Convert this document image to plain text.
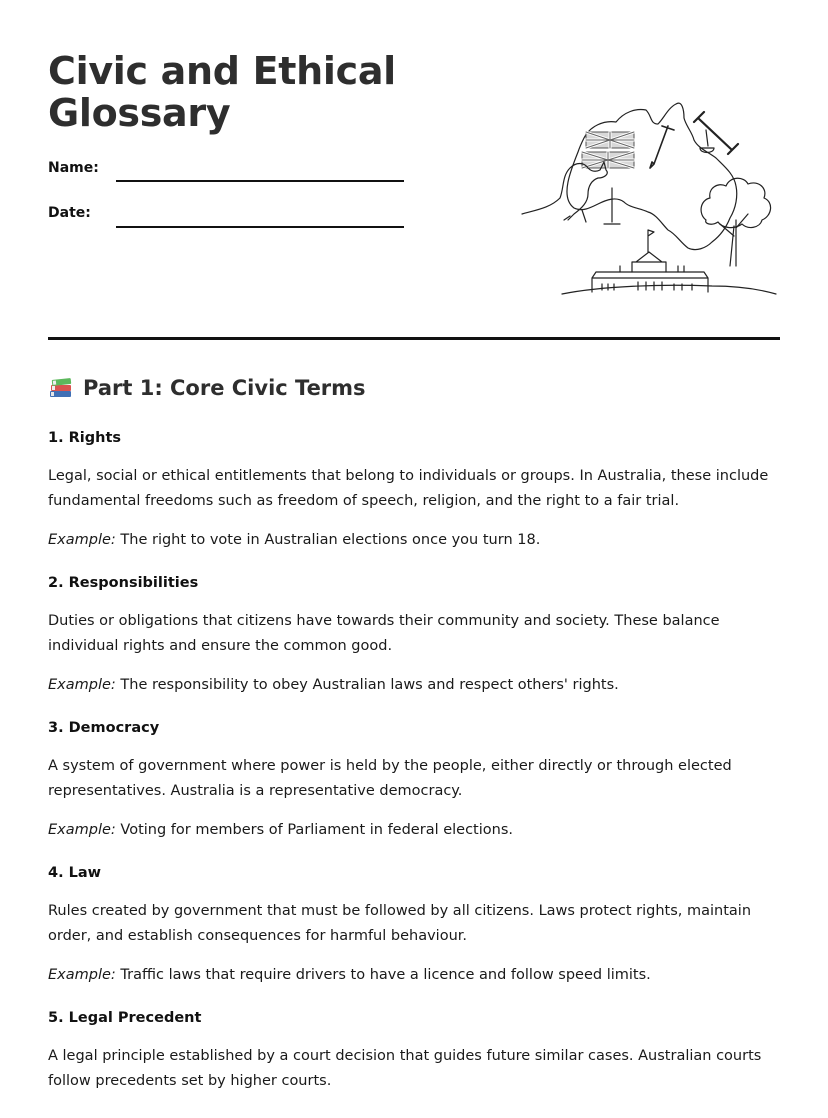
Civic and Ethical Glossary
Name:
Date:
Part 1: Core Civic Terms

1. Rights

Legal, social or ethical entitlements that belong to individuals or groups. In Australia, these include fundamental freedoms such as freedom of speech, religion, and the right to a fair trial.

Example: The right to vote in Australian elections once you turn 18.

2. Responsibilities

Duties or obligations that citizens have towards their community and society. These balance individual rights and ensure the common good.

Example: The responsibility to obey Australian laws and respect others' rights.

3. Democracy

A system of government where power is held by the people, either directly or through elected representatives. Australia is a representative democracy.

Example: Voting for members of Parliament in federal elections.

4. Law

Rules created by government that must be followed by all citizens. Laws protect rights, maintain order, and establish consequences for harmful behaviour.

Example: Traffic laws that require drivers to have a licence and follow speed limits.

5. Legal Precedent

A legal principle established by a court decision that guides future similar cases. Australian courts follow precedents set by higher courts.
